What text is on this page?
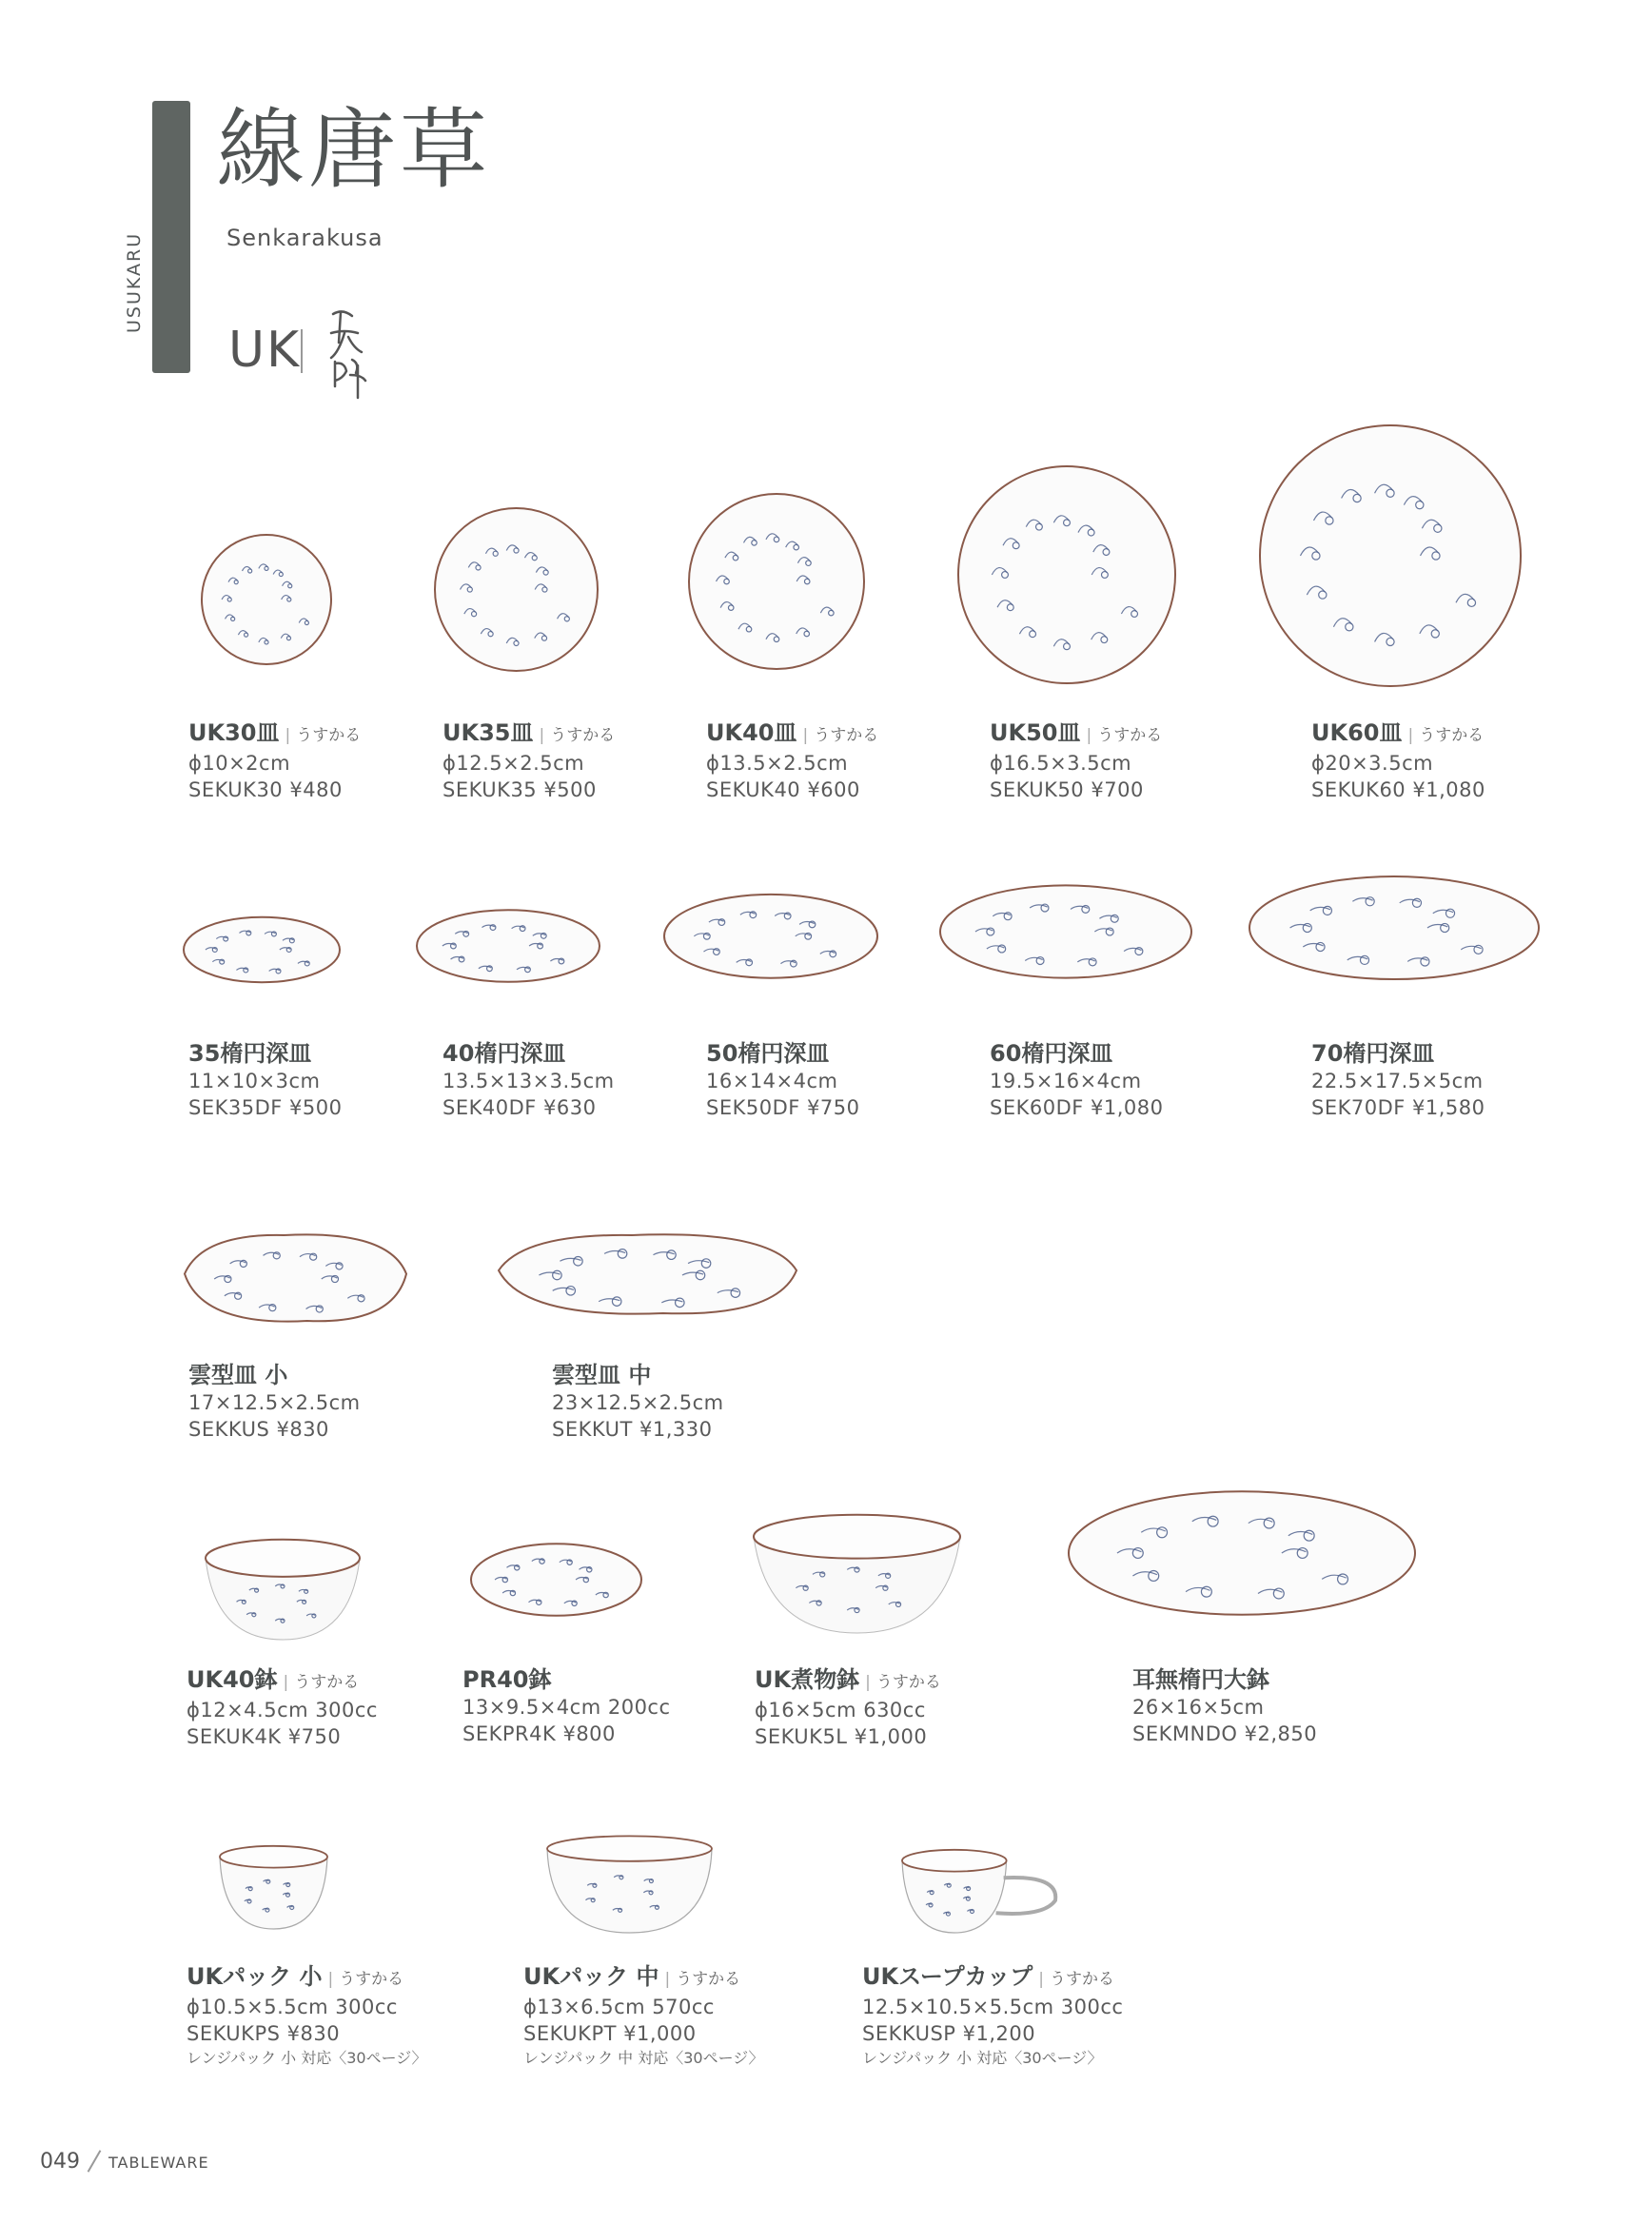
USUKARU
線唐草
Senkarakusa
UK
UK30皿 | うすかる
ϕ10×2cm
SEKUK30 ¥480
UK35皿 | うすかる
ϕ12.5×2.5cm
SEKUK35 ¥500
UK40皿 | うすかる
ϕ13.5×2.5cm
SEKUK40 ¥600
UK50皿 | うすかる
ϕ16.5×3.5cm
SEKUK50 ¥700
UK60皿 | うすかる
ϕ20×3.5cm
SEKUK60 ¥1,080
35楕円深皿
11×10×3cm
SEK35DF ¥500
40楕円深皿
13.5×13×3.5cm
SEK40DF ¥630
50楕円深皿
16×14×4cm
SEK50DF ¥750
60楕円深皿
19.5×16×4cm
SEK60DF ¥1,080
70楕円深皿
22.5×17.5×5cm
SEK70DF ¥1,580
雲型皿 小
17×12.5×2.5cm
SEKKUS ¥830
雲型皿 中
23×12.5×2.5cm
SEKKUT ¥1,330
UK40鉢 | うすかる
ϕ12×4.5cm 300cc
SEKUK4K ¥750
PR40鉢
13×9.5×4cm 200cc
SEKPR4K ¥800
UK煮物鉢 | うすかる
ϕ16×5cm 630cc
SEKUK5L ¥1,000
耳無楕円大鉢
26×16×5cm
SEKMNDO ¥2,850
UKパック 小 | うすかる
ϕ10.5×5.5cm 300cc
SEKUKPS ¥830
レンジパック 小 対応〈30ページ〉
UKパック 中 | うすかる
ϕ13×6.5cm 570cc
SEKUKPT ¥1,000
レンジパック 中 対応〈30ページ〉
UKスープカップ | うすかる
12.5×10.5×5.5cm 300cc
SEKKUSP ¥1,200
レンジパック 小 対応〈30ページ〉
049 TABLEWARE
